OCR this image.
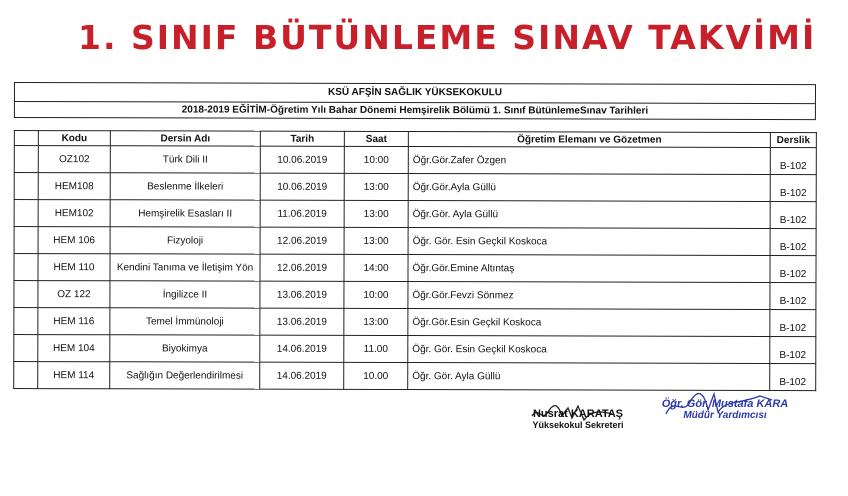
1. SINIF BÜTÜNLEME SINAV TAKVİMİ
KSÜ AFŞİN SAĞLIK YÜKSEKOKULU
2018-2019 EĞİTİM-Öğretim Yılı Bahar Dönemi Hemşirelik Bölümü 1. Sınıf BütünlemeSınav Tarihleri
	Kodu	Dersin Adı	Tarih	Saat	Öğretim Elemanı ve Gözetmen	Derslik
	OZ102	Türk Dili II	10.06.2019	10:00	Öğr.Gör.Zafer Özgen	B-102
	HEM108	Beslenme İlkeleri	10.06.2019	13:00	Öğr.Gör.Ayla Güllü	B-102
	HEM102	Hemşirelik Esasları II	11.06.2019	13:00	Öğr.Gör. Ayla Güllü	B-102
	HEM 106	Fizyoloji	12.06.2019	13:00	Öğr. Gör. Esin Geçkil Koskoca	B-102
	HEM 110	Kendini Tanıma ve İletişim Yön	12.06.2019	14:00	Öğr.Gör.Emine Altıntaş	B-102
	OZ 122	İngilizce II	13.06.2019	10:00	Öğr.Gör.Fevzi Sönmez	B-102
	HEM 116	Temel İmmünoloji	13.06.2019	13:00	Öğr.Gör.Esin Geçkil Koskoca	B-102
	HEM 104	Biyokimya	14.06.2019	11.00	Öğr. Gör. Esin Geçkil Koskoca	B-102
	HEM 114	Sağlığın Değerlendirilmesi	14.06.2019	10.00	Öğr. Gör. Ayla Güllü	B-102
Nusrat KARATAŞ
Yüksekokul Sekreteri
Öğr. Gör. Mustafa KARA
Müdür Yardımcısı
